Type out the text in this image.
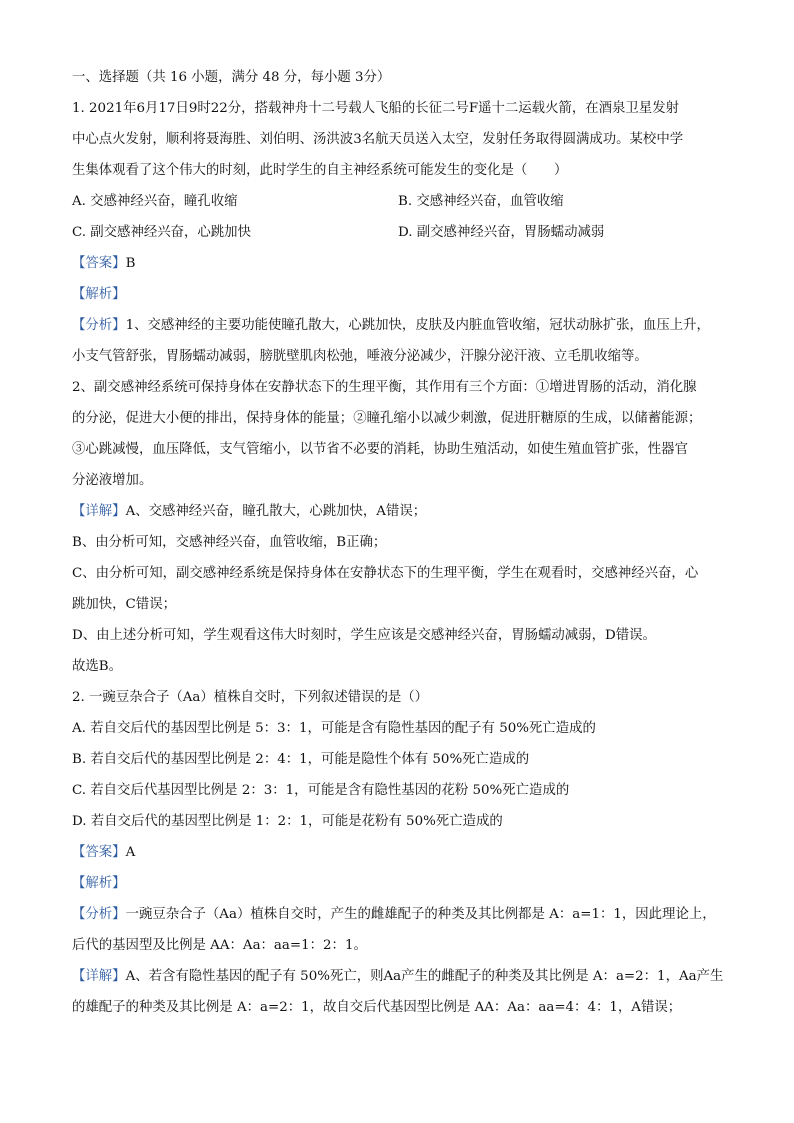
一、选择题（共 16 小题，满分 48 分，每小题 3分）
1. 2021年6月17日9时22分，搭载神舟十二号载人飞船的长征二号F遥十二运载火箭，在酒泉卫星发射
中心点火发射，顺利将聂海胜、刘伯明、汤洪波3名航天员送入太空，发射任务取得圆满成功。某校中学
生集体观看了这个伟大的时刻，此时学生的自主神经系统可能发生的变化是（　　）
A. 交感神经兴奋，瞳孔收缩	B. 交感神经兴奋，血管收缩
C. 副交感神经兴奋，心跳加快	D. 副交感神经兴奋，胃肠蠕动减弱
【答案】B
【解析】
【分析】1、交感神经的主要功能使瞳孔散大，心跳加快，皮肤及内脏血管收缩，冠状动脉扩张，血压上升，
小支气管舒张，胃肠蠕动减弱，膀胱壁肌肉松弛，唾液分泌减少，汗腺分泌汗液、立毛肌收缩等。
2、副交感神经系统可保持身体在安静状态下的生理平衡，其作用有三个方面：①增进胃肠的活动，消化腺
的分泌，促进大小便的排出，保持身体的能量；②瞳孔缩小以减少刺激，促进肝糖原的生成，以储蓄能源；
③心跳减慢，血压降低，支气管缩小，以节省不必要的消耗，协助生殖活动，如使生殖血管扩张，性器官
分泌液增加。
【详解】A、交感神经兴奋，瞳孔散大，心跳加快，A错误；
B、由分析可知，交感神经兴奋，血管收缩，B正确；
C、由分析可知，副交感神经系统是保持身体在安静状态下的生理平衡，学生在观看时，交感神经兴奋，心
跳加快，C错误；
D、由上述分析可知，学生观看这伟大时刻时，学生应该是交感神经兴奋，胃肠蠕动减弱，D错误。
故选B。
2. 一豌豆杂合子（Aa）植株自交时，下列叙述错误的是（）
A. 若自交后代的基因型比例是 5：3：1，可能是含有隐性基因的配子有 50%死亡造成的
B. 若自交后代的基因型比例是 2：4：1，可能是隐性个体有 50%死亡造成的
C. 若自交后代基因型比例是 2：3：1，可能是含有隐性基因的花粉 50%死亡造成的
D. 若自交后代的基因型比例是 1：2：1，可能是花粉有 50%死亡造成的
【答案】A
【解析】
【分析】一豌豆杂合子（Aa）植株自交时，产生的雌雄配子的种类及其比例都是 A：a=1：1，因此理论上，
后代的基因型及比例是 AA：Aa：aa=1：2：1。
【详解】A、若含有隐性基因的配子有 50%死亡，则Aa产生的雌配子的种类及其比例是 A：a=2：1，Aa产生
的雄配子的种类及其比例是 A：a=2：1，故自交后代基因型比例是 AA：Aa：aa=4：4：1，A错误；
